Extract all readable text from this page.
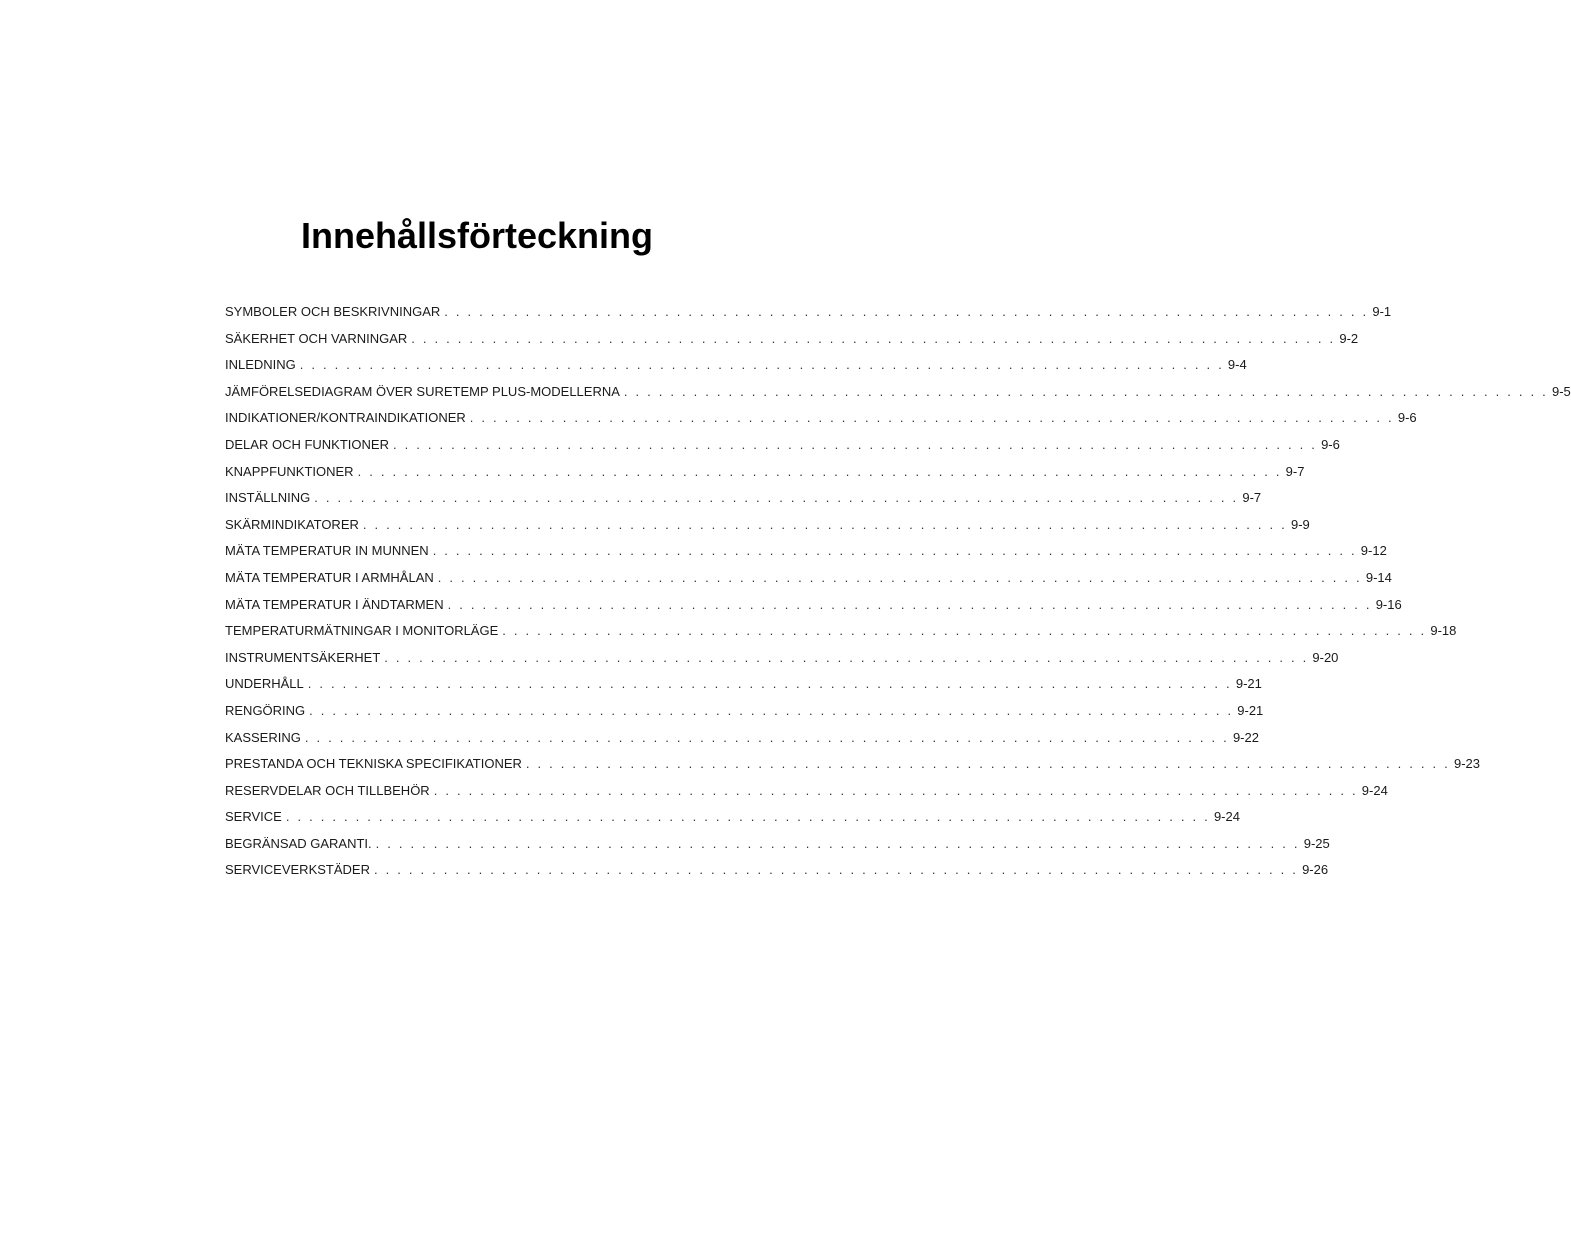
Innehållsförteckning
SYMBOLER OCH BESKRIVNINGAR . . . . . . . . . . . . . . . . . . . . . . . . . . . . . . . . . . . . . . . . . . . . . . . . . . . . . . . . . . . . . . . . . . . . . . . . . . . . . . . . 9-1
SÄKERHET OCH VARNINGAR . . . . . . . . . . . . . . . . . . . . . . . . . . . . . . . . . . . . . . . . . . . . . . . . . . . . . . . . . . . . . . . . . . . . . . . . . . . . . . . . 9-2
INLEDNING . . . . . . . . . . . . . . . . . . . . . . . . . . . . . . . . . . . . . . . . . . . . . . . . . . . . . . . . . . . . . . . . . . . . . . . . . . . . . . . . 9-4
JÄMFÖRELSEDIAGRAM ÖVER SURETEMP PLUS-MODELLERNA . . . . . . . . . . . . . . . . . . . . . . . . . . . . . . . . . . . . . . . . . . . . . . . . . . . . . . . . . . . . . . . . . . . . . . . . . . . . . . . . 9-5
INDIKATIONER/KONTRAINDIKATIONER . . . . . . . . . . . . . . . . . . . . . . . . . . . . . . . . . . . . . . . . . . . . . . . . . . . . . . . . . . . . . . . . . . . . . . . . . . . . . . . . 9-6
DELAR OCH FUNKTIONER . . . . . . . . . . . . . . . . . . . . . . . . . . . . . . . . . . . . . . . . . . . . . . . . . . . . . . . . . . . . . . . . . . . . . . . . . . . . . . . . 9-6
KNAPPFUNKTIONER . . . . . . . . . . . . . . . . . . . . . . . . . . . . . . . . . . . . . . . . . . . . . . . . . . . . . . . . . . . . . . . . . . . . . . . . . . . . . . . . 9-7
INSTÄLLNING . . . . . . . . . . . . . . . . . . . . . . . . . . . . . . . . . . . . . . . . . . . . . . . . . . . . . . . . . . . . . . . . . . . . . . . . . . . . . . . . 9-7
SKÄRMINDIKATORER . . . . . . . . . . . . . . . . . . . . . . . . . . . . . . . . . . . . . . . . . . . . . . . . . . . . . . . . . . . . . . . . . . . . . . . . . . . . . . . . 9-9
MÄTA TEMPERATUR IN MUNNEN . . . . . . . . . . . . . . . . . . . . . . . . . . . . . . . . . . . . . . . . . . . . . . . . . . . . . . . . . . . . . . . . . . . . . . . . . . . . . . . . 9-12
MÄTA TEMPERATUR I ARMHÅLAN . . . . . . . . . . . . . . . . . . . . . . . . . . . . . . . . . . . . . . . . . . . . . . . . . . . . . . . . . . . . . . . . . . . . . . . . . . . . . . . . 9-14
MÄTA TEMPERATUR I ÄNDTARMEN . . . . . . . . . . . . . . . . . . . . . . . . . . . . . . . . . . . . . . . . . . . . . . . . . . . . . . . . . . . . . . . . . . . . . . . . . . . . . . . . 9-16
TEMPERATURMÄTNINGAR I MONITORLÄGE . . . . . . . . . . . . . . . . . . . . . . . . . . . . . . . . . . . . . . . . . . . . . . . . . . . . . . . . . . . . . . . . . . . . . . . . . . . . . . . . 9-18
INSTRUMENTSÄKERHET . . . . . . . . . . . . . . . . . . . . . . . . . . . . . . . . . . . . . . . . . . . . . . . . . . . . . . . . . . . . . . . . . . . . . . . . . . . . . . . . 9-20
UNDERHÅLL . . . . . . . . . . . . . . . . . . . . . . . . . . . . . . . . . . . . . . . . . . . . . . . . . . . . . . . . . . . . . . . . . . . . . . . . . . . . . . . . 9-21
RENGÖRING . . . . . . . . . . . . . . . . . . . . . . . . . . . . . . . . . . . . . . . . . . . . . . . . . . . . . . . . . . . . . . . . . . . . . . . . . . . . . . . . 9-21
KASSERING . . . . . . . . . . . . . . . . . . . . . . . . . . . . . . . . . . . . . . . . . . . . . . . . . . . . . . . . . . . . . . . . . . . . . . . . . . . . . . . . 9-22
PRESTANDA OCH TEKNISKA SPECIFIKATIONER . . . . . . . . . . . . . . . . . . . . . . . . . . . . . . . . . . . . . . . . . . . . . . . . . . . . . . . . . . . . . . . . . . . . . . . . . . . . . . . . 9-23
RESERVDELAR OCH TILLBEHÖR . . . . . . . . . . . . . . . . . . . . . . . . . . . . . . . . . . . . . . . . . . . . . . . . . . . . . . . . . . . . . . . . . . . . . . . . . . . . . . . . 9-24
SERVICE . . . . . . . . . . . . . . . . . . . . . . . . . . . . . . . . . . . . . . . . . . . . . . . . . . . . . . . . . . . . . . . . . . . . . . . . . . . . . . . . 9-24
BEGRÄNSAD GARANTI. . . . . . . . . . . . . . . . . . . . . . . . . . . . . . . . . . . . . . . . . . . . . . . . . . . . . . . . . . . . . . . . . . . . . . . . . . . . . . . . . 9-25
SERVICEVERKSTÄDER . . . . . . . . . . . . . . . . . . . . . . . . . . . . . . . . . . . . . . . . . . . . . . . . . . . . . . . . . . . . . . . . . . . . . . . . . . . . . . . . 9-26
